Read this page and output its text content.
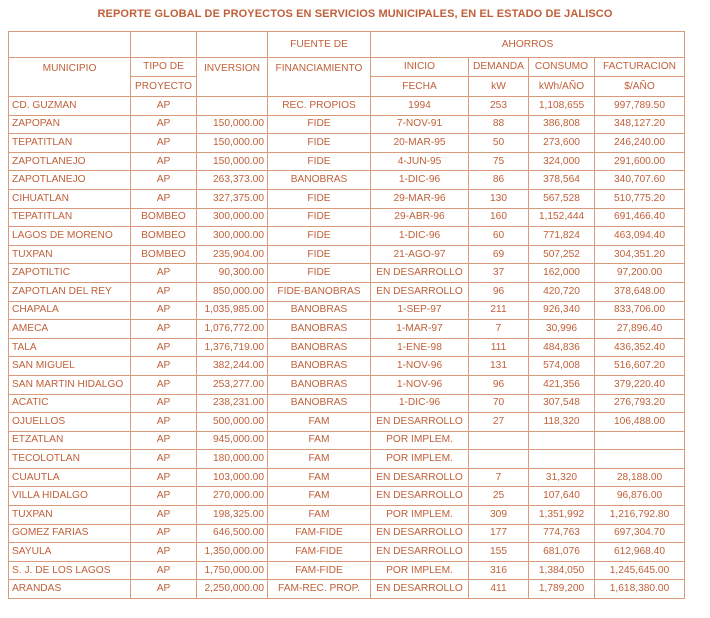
REPORTE GLOBAL DE PROYECTOS EN SERVICIOS MUNICIPALES, EN EL ESTADO DE JALISCO
			FUENTE DE	AHORROS			
MUNICIPIO	TIPO DE	INVERSION	FINANCIAMIENTO	INICIO	DEMANDA	CONSUMO	FACTURACION
	PROYECTO			FECHA	kW	kWh/AÑO	$/AÑO
CD. GUZMAN	AP		REC. PROPIOS	1994	253	1,108,655	997,789.50
ZAPOPAN	AP	150,000.00	FIDE	7-NOV-91	88	386,808	348,127.20
TEPATITLAN	AP	150,000.00	FIDE	20-MAR-95	50	273,600	246,240.00
ZAPOTLANEJO	AP	150,000.00	FIDE	4-JUN-95	75	324,000	291,600.00
ZAPOTLANEJO	AP	263,373.00	BANOBRAS	1-DIC-96	86	378,564	340,707.60
CIHUATLAN	AP	327,375.00	FIDE	29-MAR-96	130	567,528	510,775.20
TEPATITLAN	BOMBEO	300,000.00	FIDE	29-ABR-96	160	1,152,444	691,466.40
LAGOS DE MORENO	BOMBEO	300,000.00	FIDE	1-DIC-96	60	771,824	463,094.40
TUXPAN	BOMBEO	235,904.00	FIDE	21-AGO-97	69	507,252	304,351.20
ZAPOTILTIC	AP	90,300.00	FIDE	EN DESARROLLO	37	162,000	97,200.00
ZAPOTLAN DEL REY	AP	850,000.00	FIDE-BANOBRAS	EN DESARROLLO	96	420,720	378,648.00
CHAPALA	AP	1,035,985.00	BANOBRAS	1-SEP-97	211	926,340	833,706.00
AMECA	AP	1,076,772.00	BANOBRAS	1-MAR-97	7	30,996	27,896.40
TALA	AP	1,376,719.00	BANOBRAS	1-ENE-98	111	484,836	436,352.40
SAN MIGUEL	AP	382,244.00	BANOBRAS	1-NOV-96	131	574,008	516,607.20
SAN MARTIN HIDALGO	AP	253,277.00	BANOBRAS	1-NOV-96	96	421,356	379,220.40
ACATIC	AP	238,231.00	BANOBRAS	1-DIC-96	70	307,548	276,793.20
OJUELLOS	AP	500,000.00	FAM	EN DESARROLLO	27	118,320	106,488.00
ETZATLAN	AP	945,000.00	FAM	POR IMPLEM.			
TECOLOTLAN	AP	180,000.00	FAM	POR IMPLEM.			
CUAUTLA	AP	103,000.00	FAM	EN DESARROLLO	7	31,320	28,188.00
VILLA HIDALGO	AP	270,000.00	FAM	EN DESARROLLO	25	107,640	96,876.00
TUXPAN	AP	198,325.00	FAM	POR IMPLEM.	309	1,351,992	1,216,792.80
GOMEZ FARIAS	AP	646,500.00	FAM-FIDE	EN DESARROLLO	177	774,763	697,304.70
SAYULA	AP	1,350,000.00	FAM-FIDE	EN DESARROLLO	155	681,076	612,968.40
S. J. DE LOS LAGOS	AP	1,750,000.00	FAM-FIDE	POR IMPLEM.	316	1,384,050	1,245,645.00
ARANDAS	AP	2,250,000.00	FAM-REC. PROP.	EN DESARROLLO	411	1,789,200	1,618,380.00
